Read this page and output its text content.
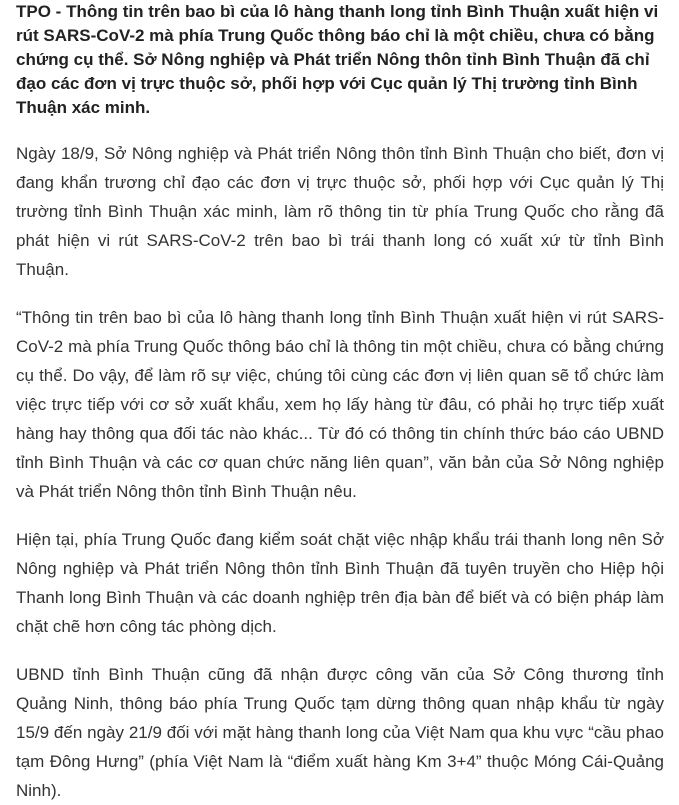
TPO - Thông tin trên bao bì của lô hàng thanh long tỉnh Bình Thuận xuất hiện vi rút SARS-CoV-2 mà phía Trung Quốc thông báo chỉ là một chiều, chưa có bằng chứng cụ thể. Sở Nông nghiệp và Phát triển Nông thôn tỉnh Bình Thuận đã chỉ đạo các đơn vị trực thuộc sở, phối hợp với Cục quản lý Thị trường tỉnh Bình Thuận xác minh.

Ngày 18/9, Sở Nông nghiệp và Phát triển Nông thôn tỉnh Bình Thuận cho biết, đơn vị đang khẩn trương chỉ đạo các đơn vị trực thuộc sở, phối hợp với Cục quản lý Thị trường tỉnh Bình Thuận xác minh, làm rõ thông tin từ phía Trung Quốc cho rằng đã phát hiện vi rút SARS-CoV-2 trên bao bì trái thanh long có xuất xứ từ tỉnh Bình Thuận.

“Thông tin trên bao bì của lô hàng thanh long tỉnh Bình Thuận xuất hiện vi rút SARS-CoV-2 mà phía Trung Quốc thông báo chỉ là thông tin một chiều, chưa có bằng chứng cụ thể. Do vậy, để làm rõ sự việc, chúng tôi cùng các đơn vị liên quan sẽ tổ chức làm việc trực tiếp với cơ sở xuất khẩu, xem họ lấy hàng từ đâu, có phải họ trực tiếp xuất hàng hay thông qua đối tác nào khác... Từ đó có thông tin chính thức báo cáo UBND tỉnh Bình Thuận và các cơ quan chức năng liên quan”, văn bản của Sở Nông nghiệp và Phát triển Nông thôn tỉnh Bình Thuận nêu.

Hiện tại, phía Trung Quốc đang kiểm soát chặt việc nhập khẩu trái thanh long nên Sở Nông nghiệp và Phát triển Nông thôn tỉnh Bình Thuận đã tuyên truyền cho Hiệp hội Thanh long Bình Thuận và các doanh nghiệp trên địa bàn để biết và có biện pháp làm chặt chẽ hơn công tác phòng dịch.

UBND tỉnh Bình Thuận cũng đã nhận được công văn của Sở Công thương tỉnh Quảng Ninh, thông báo phía Trung Quốc tạm dừng thông quan nhập khẩu từ ngày 15/9 đến ngày 21/9 đối với mặt hàng thanh long của Việt Nam qua khu vực “cầu phao tạm Đông Hưng” (phía Việt Nam là “điểm xuất hàng Km 3+4” thuộc Móng Cái-Quảng Ninh).
